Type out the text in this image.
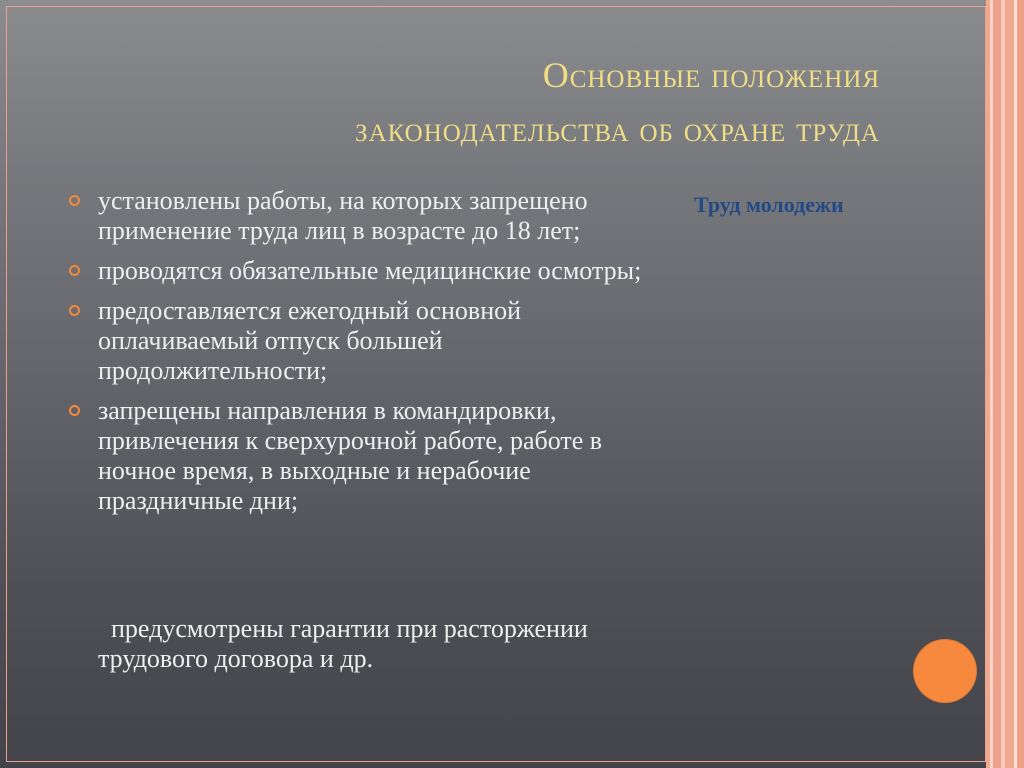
Основные положения
законодательства об охране труда
установлены работы, на которых запрещено применение труда лиц в возрасте до 18 лет;
проводятся обязательные медицинские осмотры;
предоставляется ежегодный основной оплачиваемый отпуск большей продолжительности;
запрещены направления в командировки, привлечения к сверхурочной работе, работе в ночное время, в выходные и нерабочие праздничные дни;
предусмотрены гарантии при расторжении трудового договора и др.
Труд молодежи
